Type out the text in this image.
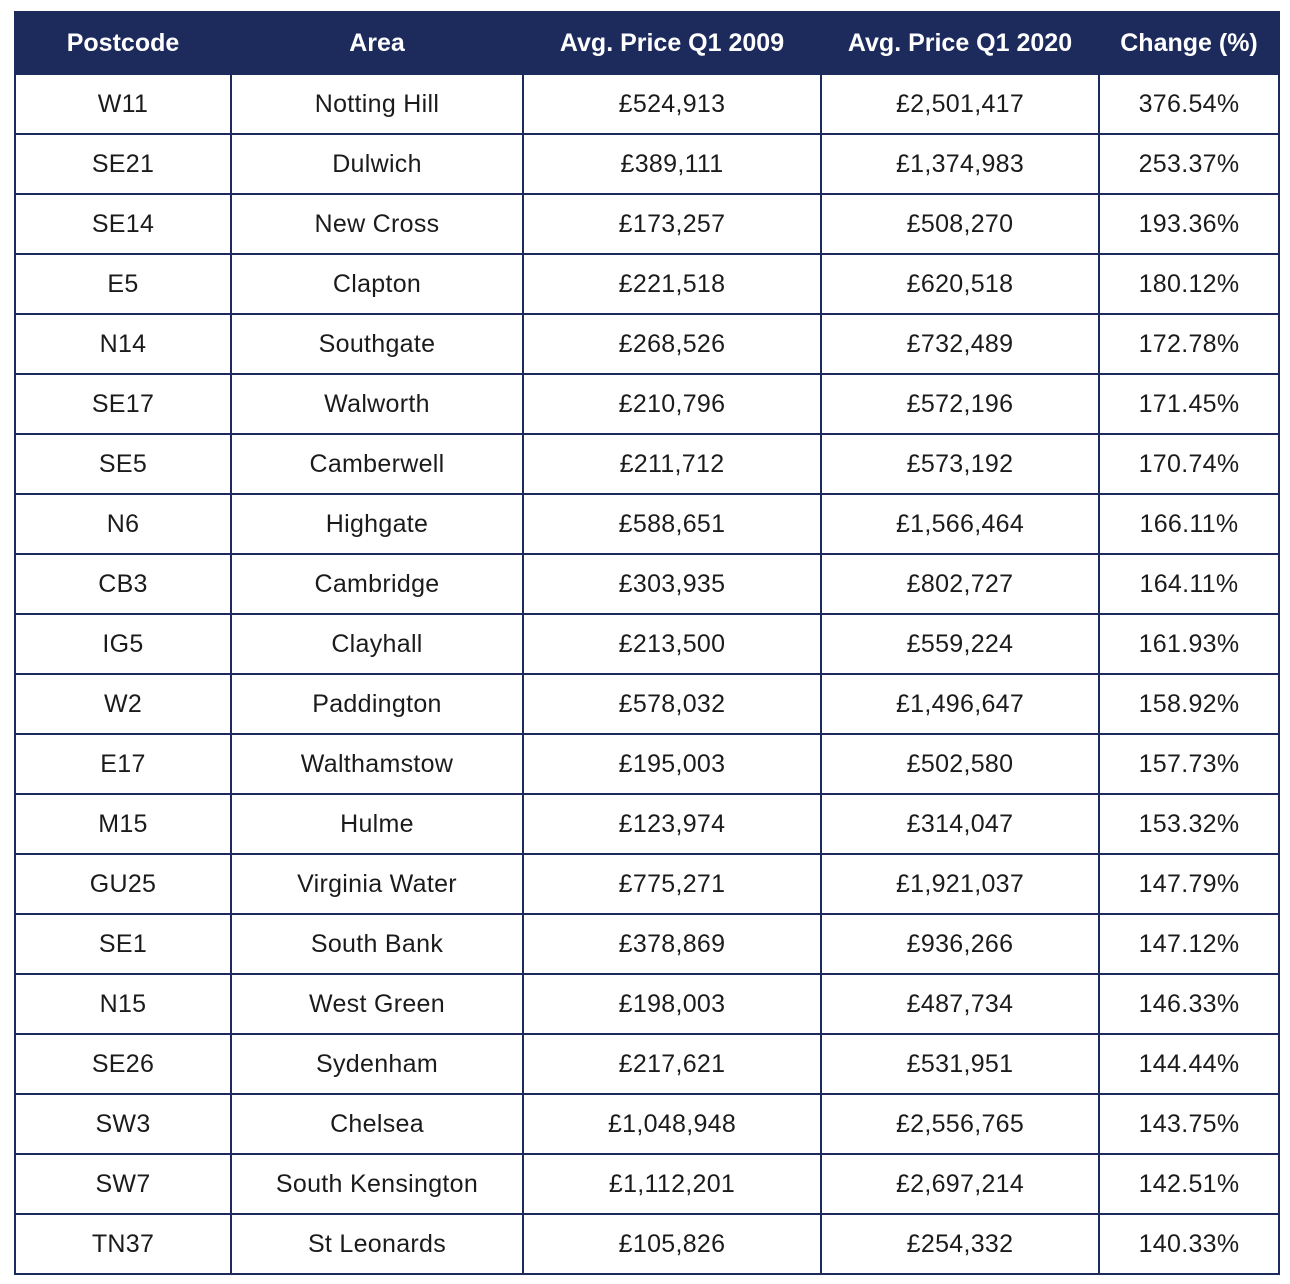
Postcode	Area	Avg. Price Q1 2009	Avg. Price Q1 2020	Change (%)
W11	Notting Hill	£524,913	£2,501,417	376.54%
SE21	Dulwich	£389,111	£1,374,983	253.37%
SE14	New Cross	£173,257	£508,270	193.36%
E5	Clapton	£221,518	£620,518	180.12%
N14	Southgate	£268,526	£732,489	172.78%
SE17	Walworth	£210,796	£572,196	171.45%
SE5	Camberwell	£211,712	£573,192	170.74%
N6	Highgate	£588,651	£1,566,464	166.11%
CB3	Cambridge	£303,935	£802,727	164.11%
IG5	Clayhall	£213,500	£559,224	161.93%
W2	Paddington	£578,032	£1,496,647	158.92%
E17	Walthamstow	£195,003	£502,580	157.73%
M15	Hulme	£123,974	£314,047	153.32%
GU25	Virginia Water	£775,271	£1,921,037	147.79%
SE1	South Bank	£378,869	£936,266	147.12%
N15	West Green	£198,003	£487,734	146.33%
SE26	Sydenham	£217,621	£531,951	144.44%
SW3	Chelsea	£1,048,948	£2,556,765	143.75%
SW7	South Kensington	£1,112,201	£2,697,214	142.51%
TN37	St Leonards	£105,826	£254,332	140.33%
